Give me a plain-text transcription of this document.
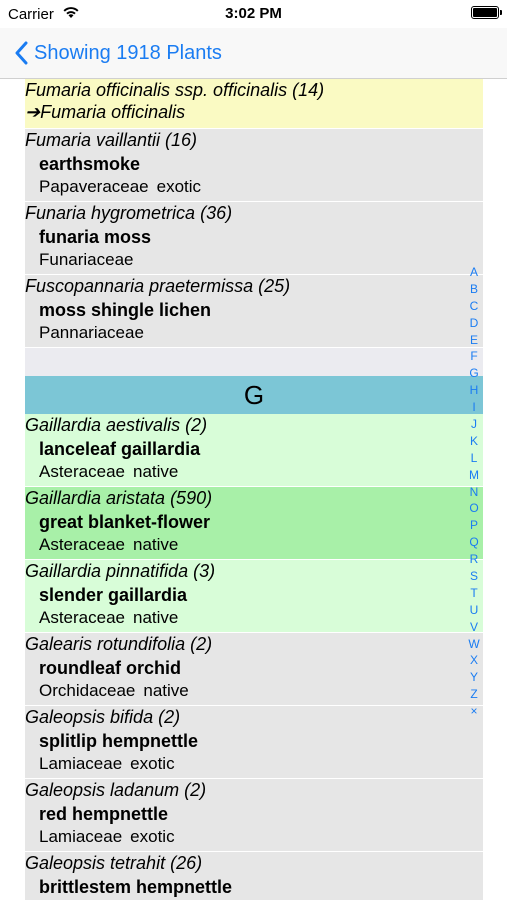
Carrier	3:02 PM
Showing 1918 Plants
Fumaria officinalis ssp. officinalis (14)
➔Fumaria officinalis
Fumaria vaillantii (16)
earthsmoke
Papaveraceae exotic
Funaria hygrometrica (36)
funaria moss
Funariaceae
Fuscopannaria praetermissa (25)
moss shingle lichen
Pannariaceae
G
Gaillardia aestivalis (2)
lanceleaf gaillardia
Asteraceae native
Gaillardia aristata (590)
great blanket-flower
Asteraceae native
Gaillardia pinnatifida (3)
slender gaillardia
Asteraceae native
Galearis rotundifolia (2)
roundleaf orchid
Orchidaceae native
Galeopsis bifida (2)
splitlip hempnettle
Lamiaceae exotic
Galeopsis ladanum (2)
red hempnettle
Lamiaceae exotic
Galeopsis tetrahit (26)
brittlestem hempnettle
A
B
C
D
E
F
G
H
I
J
K
L
M
N
O
P
Q
R
S
T
U
V
W
X
Y
Z
×
